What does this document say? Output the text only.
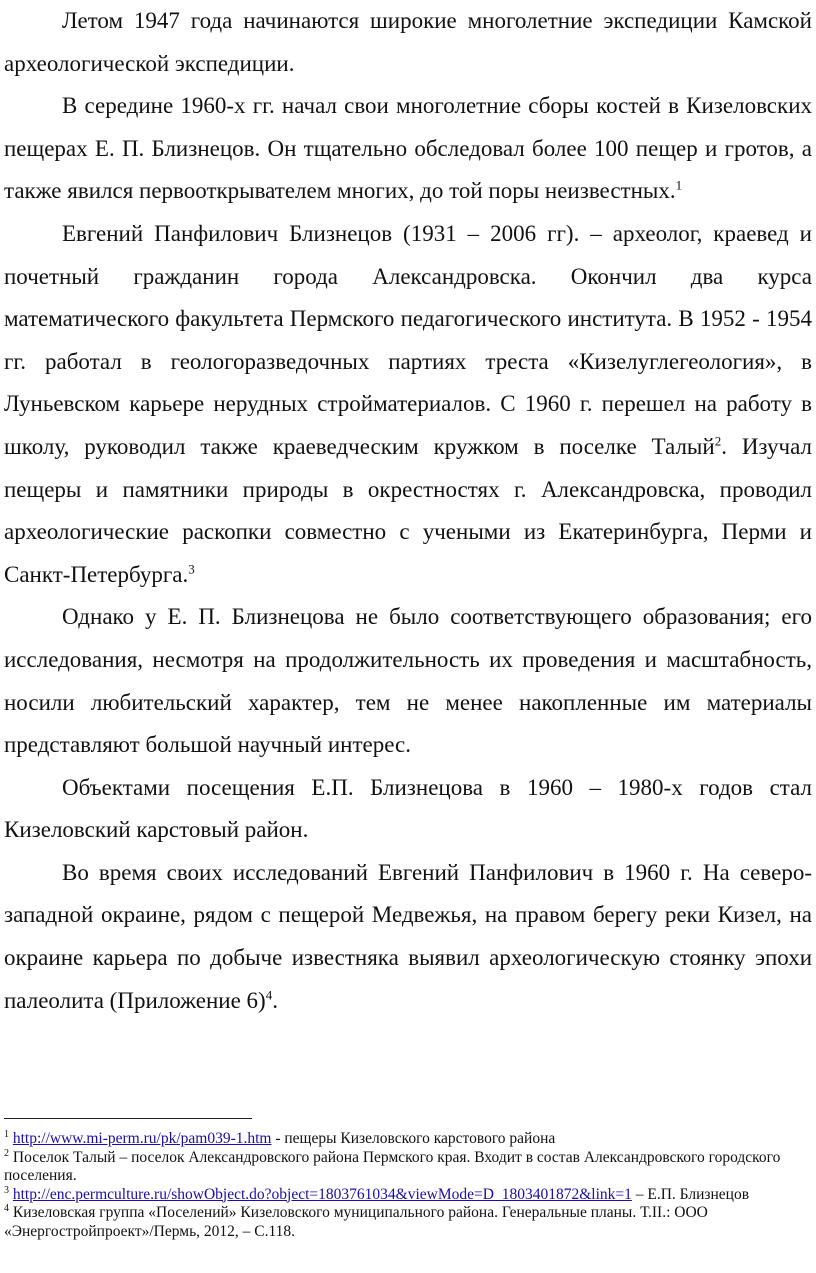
Летом 1947 года начинаются широкие многолетние экспедиции Камской археологической экспедиции.

В середине 1960-х гг. начал свои многолетние сборы костей в Кизеловских пещерах Е. П. Близнецов. Он тщательно обследовал более 100 пещер и гротов, а также явился первооткрывателем многих, до той поры неизвестных.$^1$

Евгений Панфилович Близнецов (1931 – 2006 гг). – археолог, краевед и почетный гражданин города Александровска. Окончил два курса математического факультета Пермского педагогического института. В 1952 - 1954 гг. работал в геологоразведочных партиях треста «Кизелуглегеология», в Луньевском карьере нерудных стройматериалов. С 1960 г. перешел на работу в школу, руководил также краеведческим кружком в поселке Талый$^2$. Изучал пещеры и памятники природы в окрестностях г. Александровска, проводил археологические раскопки совместно с учеными из Екатеринбурга, Перми и Санкт-Петербурга.$^3$

Однако у Е. П. Близнецова не было соответствующего образования; его исследования, несмотря на продолжительность их проведения и масштабность, носили любительский характер, тем не менее накопленные им материалы представляют большой научный интерес.

Объектами посещения Е.П. Близнецова в 1960 – 1980-х годов стал Кизеловский карстовый район.

Во время своих исследований Евгений Панфилович в 1960 г. На северо-западной окраине, рядом с пещерой Медвежья, на правом берегу реки Кизел, на окраине карьера по добыче известняка выявил археологическую стоянку эпохи палеолита (Приложение 6)$^4$.

$^1$ http://www.mi-perm.ru/pk/pam039-1.htm - пещеры Кизеловского карстового района

$^2$ Поселок Талый – поселок Александровского района Пермского края. Входит в состав Александровского городского поселения.

$^3$ http://enc.permculture.ru/showObject.do?object=1803761034&viewMode=D_1803401872&link=1 – Е.П. Близнецов

$^4$ Кизеловская группа «Поселений» Кизеловского муниципального района. Генеральные планы. Т.II.: ООО «Энергостройпроект»/Пермь, 2012, – С.118.
